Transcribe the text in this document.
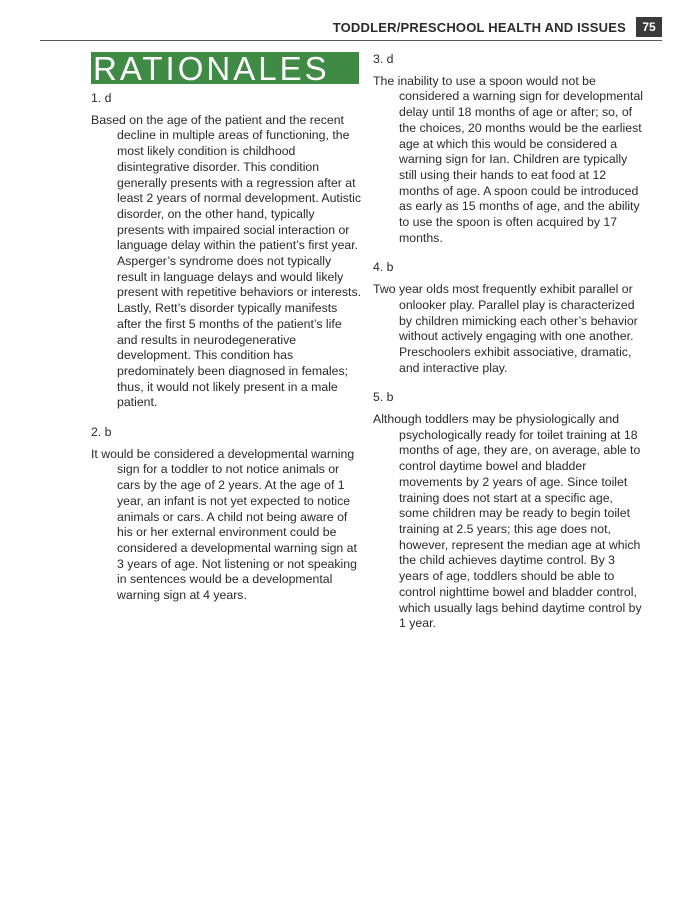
TODDLER/PRESCHOOL HEALTH AND ISSUES	75
RATIONALES
1. d

Based on the age of the patient and the recent decline in multiple areas of functioning, the most likely condition is childhood disintegrative disorder. This condition generally presents with a regression after at least 2 years of normal development. Autistic disorder, on the other hand, typically presents with impaired social interaction or language delay within the patient’s first year. Asperger’s syndrome does not typically result in language delays and would likely present with repetitive behaviors or interests. Lastly, Rett’s disorder typically manifests after the first 5 months of the patient’s life and results in neurodegenerative development. This condition has predominately been diagnosed in females; thus, it would not likely present in a male patient.

2. b

It would be considered a developmental warning sign for a toddler to not notice animals or cars by the age of 2 years. At the age of 1 year, an infant is not yet expected to notice animals or cars. A child not being aware of his or her external environment could be considered a developmental warning sign at 3 years of age. Not listening or not speaking in sentences would be a developmental warning sign at 4 years.

3. d

The inability to use a spoon would not be considered a warning sign for developmental delay until 18 months of age or after; so, of the choices, 20 months would be the earliest age at which this would be considered a warning sign for Ian. Children are typically still using their hands to eat food at 12 months of age. A spoon could be introduced as early as 15 months of age, and the ability to use the spoon is often acquired by 17 months.

4. b

Two year olds most frequently exhibit parallel or onlooker play. Parallel play is characterized by children mimicking each other’s behavior without actively engaging with one another. Preschoolers exhibit associative, dramatic, and interactive play.

5. b

Although toddlers may be physiologically and psychologically ready for toilet training at 18 months of age, they are, on average, able to control daytime bowel and bladder movements by 2 years of age. Since toilet training does not start at a specific age, some children may be ready to begin toilet training at 2.5 years; this age does not, however, represent the median age at which the child achieves daytime control. By 3 years of age, toddlers should be able to control nighttime bowel and bladder control, which usually lags behind daytime control by 1 year.
